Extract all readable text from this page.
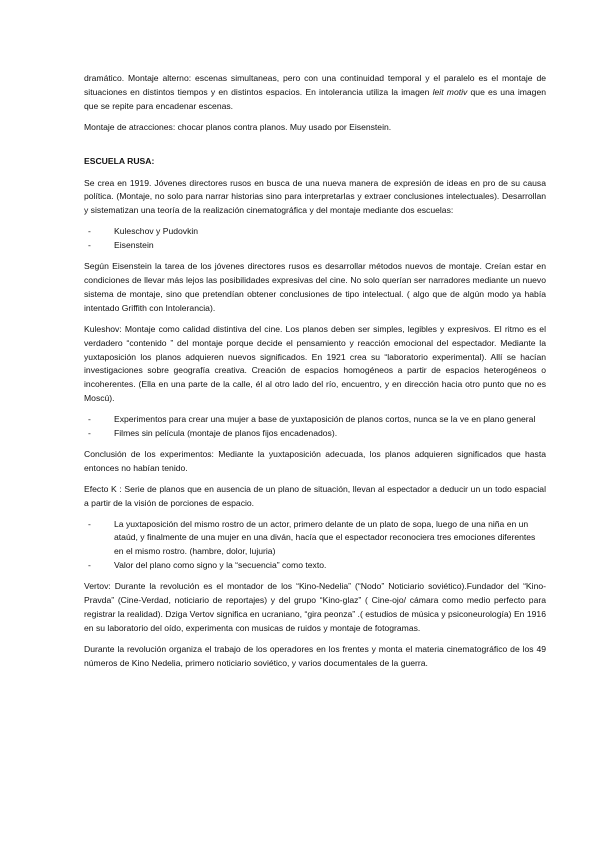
dramático. Montaje alterno: escenas simultaneas, pero con una continuidad temporal y el paralelo es el montaje de situaciones en distintos tiempos y en distintos espacios. En intolerancia utiliza la imagen leit motiv que es una imagen que se repite para encadenar escenas.

Montaje de atracciones: chocar planos contra planos. Muy usado por Eisenstein.

ESCUELA RUSA:

Se crea en 1919. Jóvenes directores rusos en busca de una nueva manera de expresión de ideas en pro de su causa política. (Montaje, no solo para narrar historias sino para interpretarlas y extraer conclusiones intelectuales). Desarrollan y sistematizan una teoría de la realización cinematográfica y del montaje mediante dos escuelas:

-	Kuleschov y Pudovkin
-	Eisenstein

Según Eisenstein la tarea de los jóvenes directores rusos es desarrollar métodos nuevos de montaje. Creían estar en condiciones de llevar más lejos las posibilidades expresivas del cine. No solo querían ser narradores mediante un nuevo sistema de montaje, sino que pretendían obtener conclusiones de tipo intelectual. ( algo que de algún modo ya había intentado Griffith con Intolerancia).

Kuleshov: Montaje como calidad distintiva del cine. Los planos deben ser simples, legibles y expresivos. El ritmo es el verdadero “contenido ” del montaje porque decide el pensamiento y reacción emocional del espectador. Mediante la yuxtaposición los planos adquieren nuevos significados. En 1921 crea su “laboratorio experimental). Allí se hacían investigaciones sobre geografía creativa. Creación de espacios homogéneos a partir de espacios heterogéneos o incoherentes. (Ella en una parte de la calle, él al otro lado del río, encuentro, y en dirección hacia otro punto que no es Moscú).

-	Experimentos para crear una mujer a base de yuxtaposición de planos cortos, nunca se la ve en plano general
-	Filmes sin película (montaje de planos fijos encadenados).

Conclusión de los experimentos: Mediante la yuxtaposición adecuada, los planos adquieren significados que hasta entonces no habían tenido.

Efecto K : Serie de planos que en ausencia de un plano de situación, llevan al espectador a deducir un un todo espacial a partir de la visión de porciones de espacio.

-	La yuxtaposición del mismo rostro de un actor, primero delante de un plato de sopa, luego de una niña en un ataúd, y finalmente de una mujer en una diván, hacía que el espectador reconociera tres emociones diferentes en el mismo rostro. (hambre, dolor, lujuria)
-	Valor del plano como signo y la “secuencia” como texto.

Vertov: Durante la revolución es el montador de los “Kino-Nedelia” (“Nodo” Noticiario soviético).Fundador del “Kino-Pravda” (Cine-Verdad, noticiario de reportajes) y del grupo “Kino-glaz” ( Cine-ojo/ cámara como medio perfecto para registrar la realidad). Dziga Vertov significa en ucraniano, “gira peonza” .( estudios de música y psiconeurología) En 1916 en su laboratorio del oído, experimenta con musicas de ruidos y montaje de fotogramas.

Durante la revolución organiza el trabajo de los operadores en los frentes y monta el materia cinematográfico de los 49 números de Kino Nedelia, primero noticiario soviético, y varios documentales de la guerra.
